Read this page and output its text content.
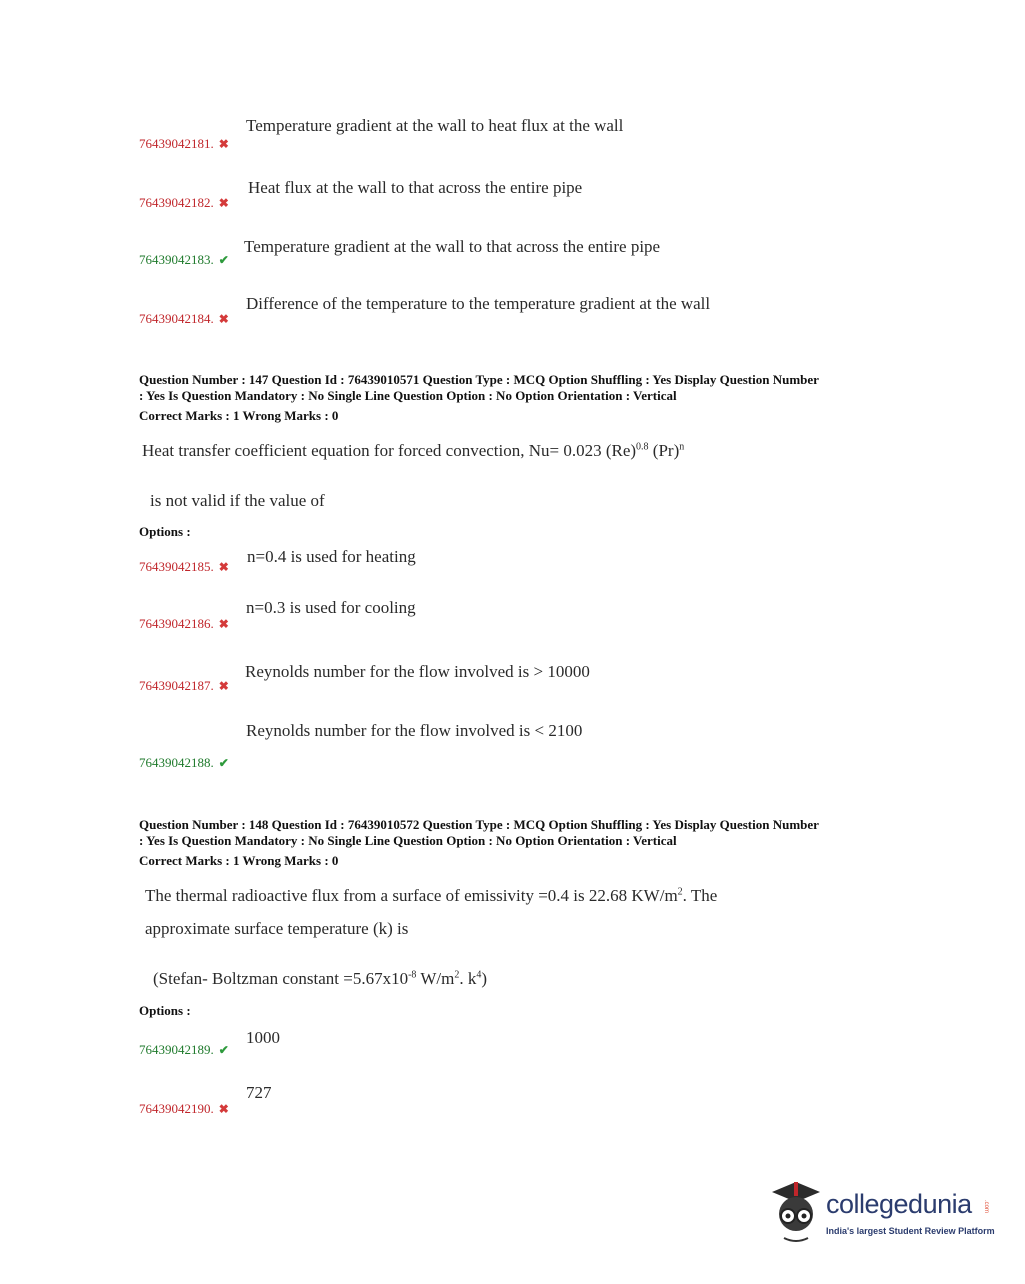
Temperature gradient at the wall to heat flux at the wall
76439042181. ✖
Heat flux at the wall to that across the entire pipe
76439042182. ✖
Temperature gradient at the wall to that across the entire pipe
76439042183. ✔
Difference of the temperature to the temperature gradient at the wall
76439042184. ✖
Question Number : 147 Question Id : 76439010571 Question Type : MCQ Option Shuffling : Yes Display Question Number
: Yes Is Question Mandatory : No Single Line Question Option : No Option Orientation : Vertical
Correct Marks : 1 Wrong Marks : 0
Heat transfer coefficient equation for forced convection, Nu= 0.023 $(Re)^{0.8}$ $(Pr)^n$
is not valid if the value of
Options :
n=0.4 is used for heating
76439042185. ✖
n=0.3 is used for cooling
76439042186. ✖
Reynolds number for the flow involved is > 10000
76439042187. ✖
Reynolds number for the flow involved is < 2100
76439042188. ✔
Question Number : 148 Question Id : 76439010572 Question Type : MCQ Option Shuffling : Yes Display Question Number
: Yes Is Question Mandatory : No Single Line Question Option : No Option Orientation : Vertical
Correct Marks : 1 Wrong Marks : 0
The thermal radioactive flux from a surface of emissivity =0.4 is 22.68 $KW/m^2$. The
approximate surface temperature (k) is
(Stefan- Boltzman constant $=5.67x10^{-8}$ $W/m^2$. $k^4$)
Options :
1000
76439042189. ✔
727
76439042190. ✖
collegedunia .com
India's largest Student Review Platform
